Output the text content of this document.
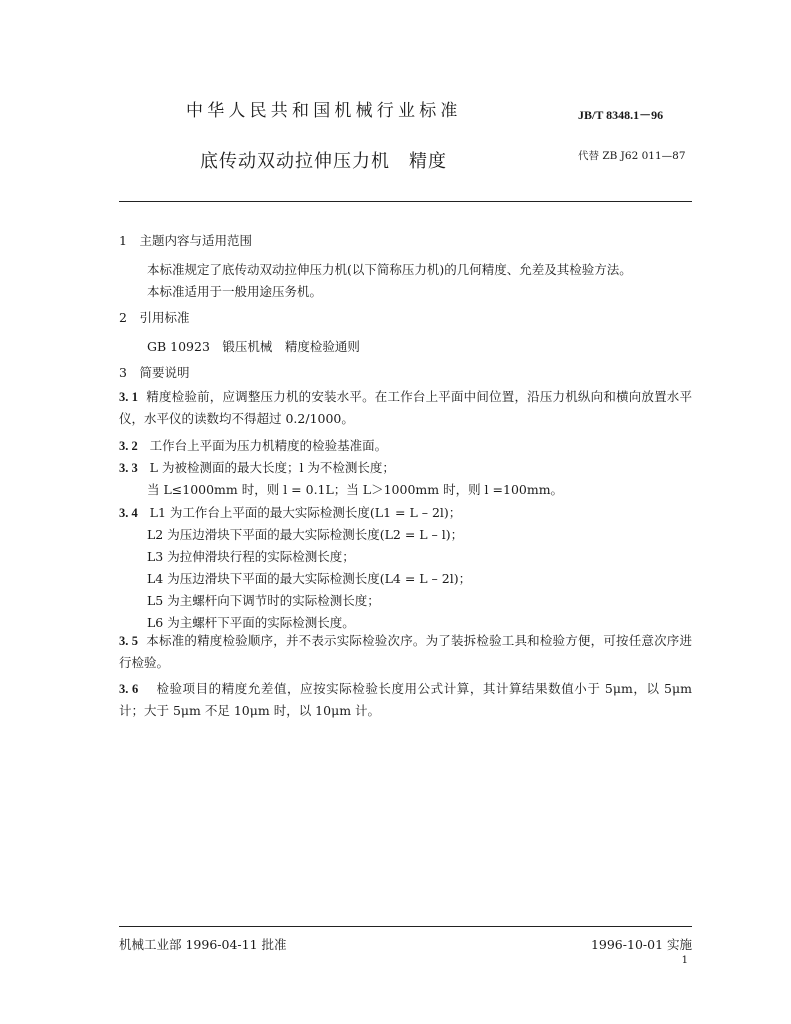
中华人民共和国机械行业标准	JB/T 8348.1－96
底传动双动拉伸压力机　精度	代替 ZB J62 011—87
1　主题内容与适用范围
本标准规定了底传动双动拉伸压力机(以下简称压力机)的几何精度、允差及其检验方法。
本标准适用于一般用途压务机。
2　引用标准
GB 10923　锻压机械　精度检验通则
3　简要说明
3. 1 精度检验前，应调整压力机的安装水平。在工作台上平面中间位置，沿压力机纵向和横向放置水平仪，水平仪的读数均不得超过 0.2/1000。
3. 2 工作台上平面为压力机精度的检验基准面。
3. 3 L 为被检测面的最大长度；l 为不检测长度；
当 L≤1000mm 时，则 l = 0.1L；当 L＞1000mm 时，则 l =100mm。
3. 4 L1 为工作台上平面的最大实际检测长度(L1 = L – 2l)；
L2 为压边滑块下平面的最大实际检测长度(L2 = L – l)；
L3 为拉伸滑块行程的实际检测长度；
L4 为压边滑块下平面的最大实际检测长度(L4 = L – 2l)；
L5 为主螺杆向下调节时的实际检测长度；
L6 为主螺杆下平面的实际检测长度。
3. 5 本标准的精度检验顺序，并不表示实际检验次序。为了装拆检验工具和检验方便，可按任意次序进行检验。
3. 6 检验项目的精度允差值，应按实际检验长度用公式计算，其计算结果数值小于 5μm，以 5μm 计；大于 5μm 不足 10μm 时，以 10μm 计。
机械工业部 1996-04-11 批准	1996-10-01 实施
1
